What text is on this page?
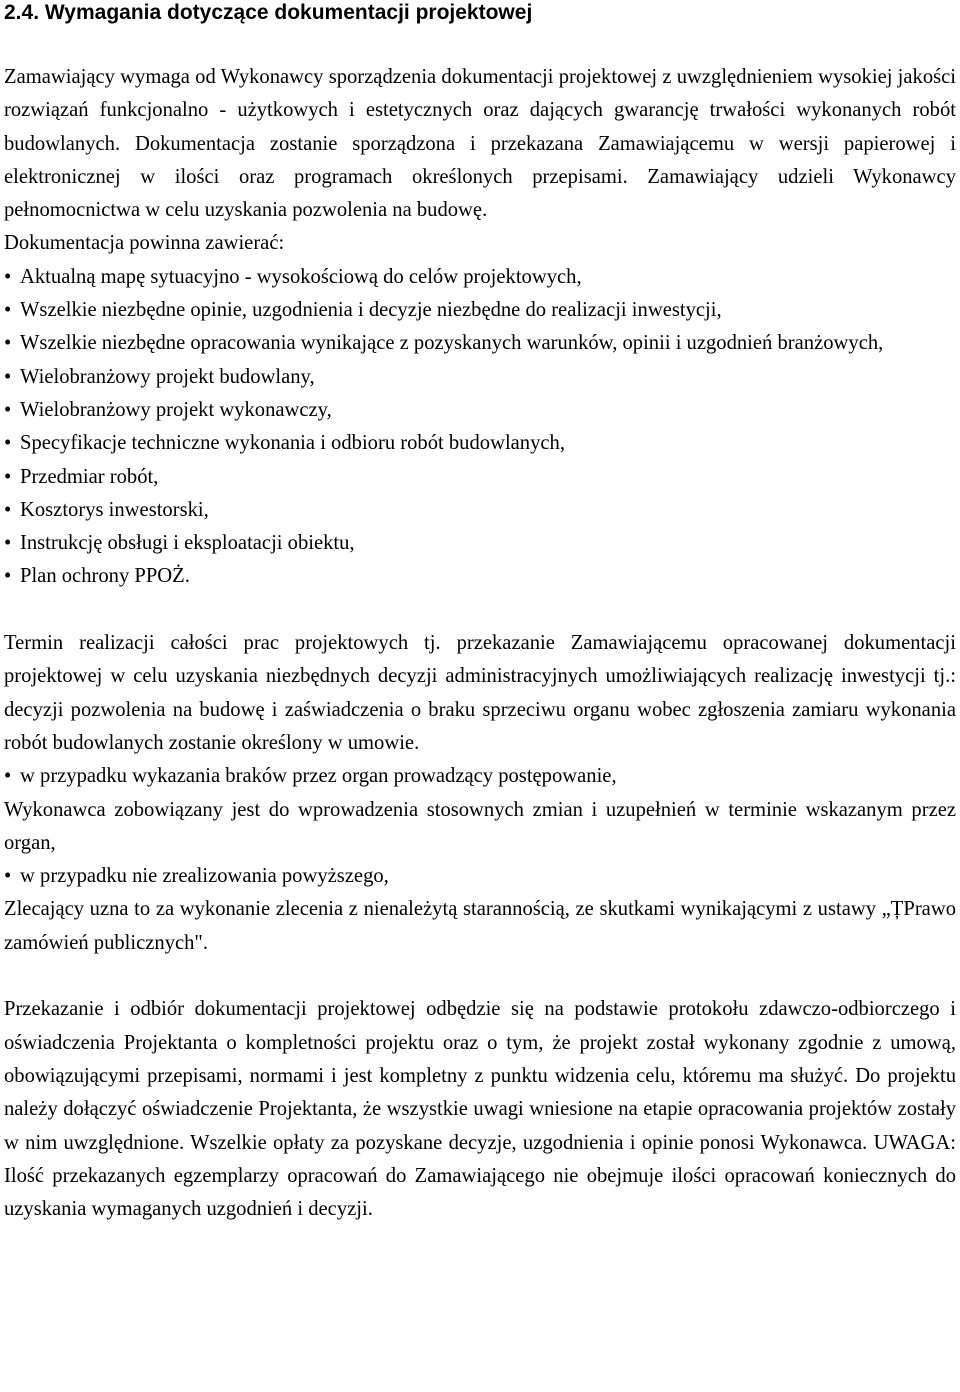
2.4. Wymagania dotyczące dokumentacji projektowej

Zamawiający wymaga od Wykonawcy sporządzenia dokumentacji projektowej z uwzględnieniem wysokiej jakości rozwiązań funkcjonalno - użytkowych i estetycznych oraz dających gwarancję trwałości wykonanych robót budowlanych. Dokumentacja zostanie sporządzona i przekazana Zamawiającemu w wersji papierowej i elektronicznej w ilości oraz programach określonych przepisami. Zamawiający udzieli Wykonawcy pełnomocnictwa w celu uzyskania pozwolenia na budowę.

Dokumentacja powinna zawierać:

• Aktualną mapę sytuacyjno - wysokościową do celów projektowych,
• Wszelkie niezbędne opinie, uzgodnienia i decyzje niezbędne do realizacji inwestycji,
• Wszelkie niezbędne opracowania wynikające z pozyskanych warunków, opinii i uzgodnień branżowych,
• Wielobranżowy projekt budowlany,
• Wielobranżowy projekt wykonawczy,
• Specyfikacje techniczne wykonania i odbioru robót budowlanych,
• Przedmiar robót,
• Kosztorys inwestorski,
• Instrukcję obsługi i eksploatacji obiektu,
• Plan ochrony PPOŻ.

Termin realizacji całości prac projektowych tj. przekazanie Zamawiającemu opracowanej dokumentacji projektowej w celu uzyskania niezbędnych decyzji administracyjnych umożliwiających realizację inwestycji tj.: decyzji pozwolenia na budowę i zaświadczenia o braku sprzeciwu organu wobec zgłoszenia zamiaru wykonania robót budowlanych zostanie określony w umowie.

• w przypadku wykazania braków przez organ prowadzący postępowanie,

Wykonawca zobowiązany jest do wprowadzenia stosownych zmian i uzupełnień w terminie wskazanym przez organ,

• w przypadku nie zrealizowania powyższego,

Zlecający uzna to za wykonanie zlecenia z nienależytą starannością, ze skutkami wynikającymi z ustawy „ȚPrawo zamówień publicznych".

Przekazanie i odbiór dokumentacji projektowej odbędzie się na podstawie protokołu zdawczo-odbiorczego i oświadczenia Projektanta o kompletności projektu oraz o tym, że projekt został wykonany zgodnie z umową, obowiązującymi przepisami, normami i jest kompletny z punktu widzenia celu, któremu ma służyć. Do projektu należy dołączyć oświadczenie Projektanta, że wszystkie uwagi wniesione na etapie opracowania projektów zostały w nim uwzględnione. Wszelkie opłaty za pozyskane decyzje, uzgodnienia i opinie ponosi Wykonawca. UWAGA: Ilość przekazanych egzemplarzy opracowań do Zamawiającego nie obejmuje ilości opracowań koniecznych do uzyskania wymaganych uzgodnień i decyzji.
